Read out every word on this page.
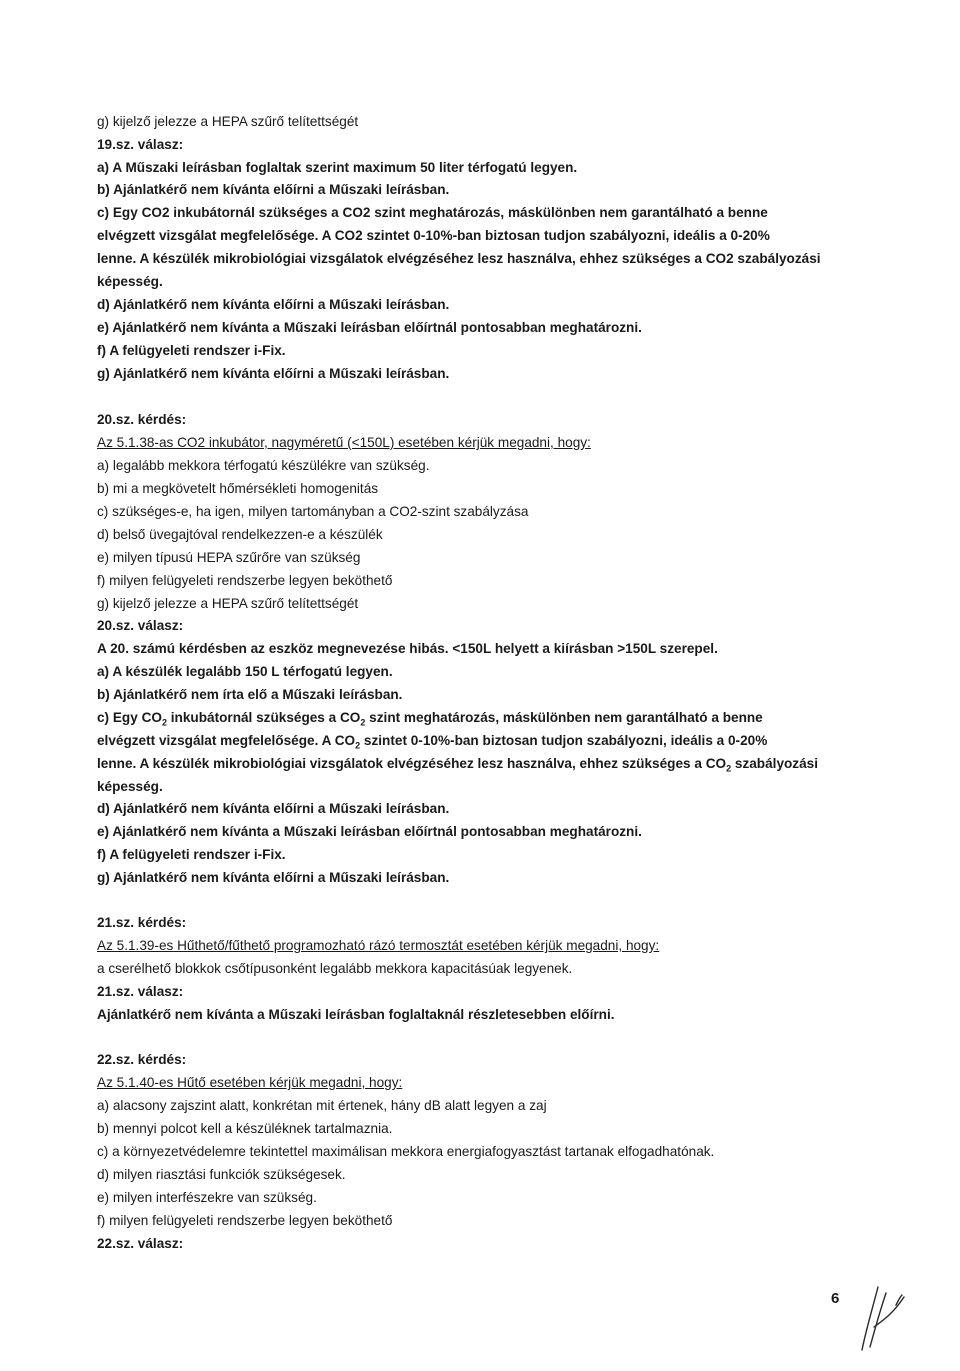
g) kijelző jelezze a HEPA szűrő telítettségét
19.sz. válasz:
a) A Műszaki leírásban foglaltak szerint maximum 50 liter térfogatú legyen.
b) Ajánlatkérő nem kívánta előírni a Műszaki leírásban.
c) Egy CO2 inkubátornál szükséges a CO2 szint meghatározás, máskülönben nem garantálható a benne
elvégzett vizsgálat megfelelősége. A CO2 szintet 0-10%-ban biztosan tudjon szabályozni, ideális a 0-20%
lenne. A készülék mikrobiológiai vizsgálatok elvégzéséhez lesz használva, ehhez szükséges a CO2 szabályozási
képesség.
d) Ajánlatkérő nem kívánta előírni a Műszaki leírásban.
e) Ajánlatkérő nem kívánta a Műszaki leírásban előírtnál pontosabban meghatározni.
f) A felügyeleti rendszer i-Fix.
g) Ajánlatkérő nem kívánta előírni a Műszaki leírásban.
20.sz. kérdés:
Az 5.1.38-as CO2 inkubátor, nagyméretű (<150L) esetében kérjük megadni, hogy:
a) legalább mekkora térfogatú készülékre van szükség.
b) mi a megkövetelt hőmérsékleti homogenitás
c) szükséges-e, ha igen, milyen tartományban a CO2-szint szabályzása
d) belső üvegajtóval rendelkezzen-e a készülék
e) milyen típusú HEPA szűrőre van szükség
f) milyen felügyeleti rendszerbe legyen beköthető
g) kijelző jelezze a HEPA szűrő telítettségét
20.sz. válasz:
A 20. számú kérdésben az eszköz megnevezése hibás. <150L helyett a kiírásban >150L szerepel.
a) A készülék legalább 150 L térfogatú legyen.
b) Ajánlatkérő nem írta elő a Műszaki leírásban.
c) Egy $CO_2$ inkubátornál szükséges a $CO_2$ szint meghatározás, máskülönben nem garantálható a benne
elvégzett vizsgálat megfelelősége. A $CO_2$ szintet 0-10%-ban biztosan tudjon szabályozni, ideális a 0-20%
lenne. A készülék mikrobiológiai vizsgálatok elvégzéséhez lesz használva, ehhez szükséges a $CO_2$ szabályozási
képesség.
d) Ajánlatkérő nem kívánta előírni a Műszaki leírásban.
e) Ajánlatkérő nem kívánta a Műszaki leírásban előírtnál pontosabban meghatározni.
f) A felügyeleti rendszer i-Fix.
g) Ajánlatkérő nem kívánta előírni a Műszaki leírásban.
21.sz. kérdés:
Az 5.1.39-es Hűthető/fűthető programozható rázó termosztát esetében kérjük megadni, hogy:
a cserélhető blokkok csőtípusonként legalább mekkora kapacitásúak legyenek.
21.sz. válasz:
Ajánlatkérő nem kívánta a Műszaki leírásban foglaltaknál részletesebben előírni.
22.sz. kérdés:
Az 5.1.40-es Hűtő esetében kérjük megadni, hogy:
a) alacsony zajszint alatt, konkrétan mit értenek, hány dB alatt legyen a zaj
b) mennyi polcot kell a készüléknek tartalmaznia.
c) a környezetvédelemre tekintettel maximálisan mekkora energiafogyasztást tartanak elfogadhatónak.
d) milyen riasztási funkciók szükségesek.
e) milyen interfészekre van szükség.
f) milyen felügyeleti rendszerbe legyen beköthető
22.sz. válasz:
6
